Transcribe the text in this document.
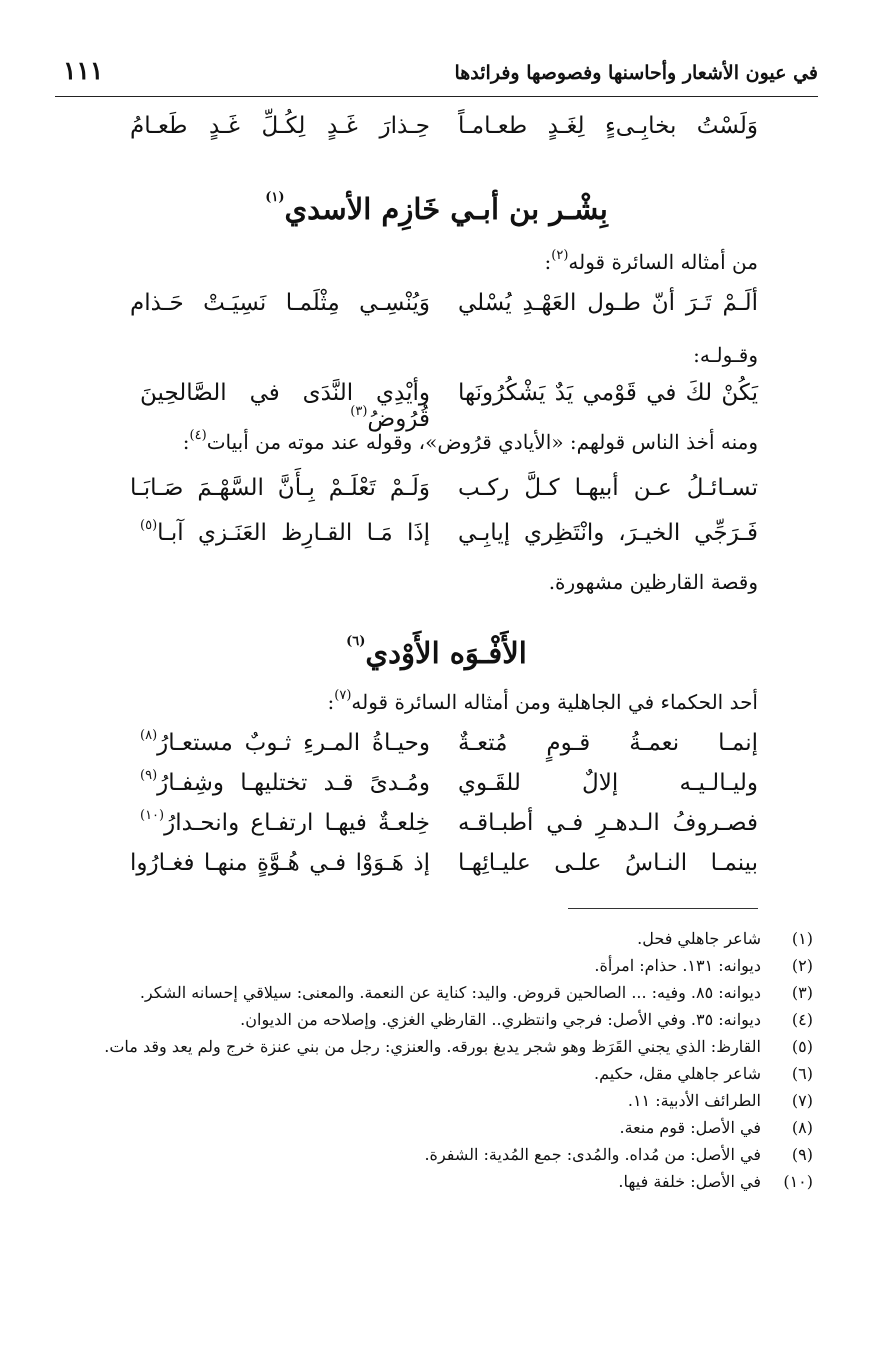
في عيون الأشعار وأحاسنها وفصوصها وفرائدها
١١١
وَلَسْتُ بخابِـىءٍ لِغَـدٍ طعـامـاً
حِـذارَ غَـدٍ لِكُـلِّ غَـدٍ طَعـامُ
بِشْـر بن أبـي خَازِم الأسدي$^{(١)}$
من أمثاله السائرة قوله$^{(٢)}$:
ألَـمْ تَـرَ أنّ طـول العَهْـدِ يُسْلي
وَيُنْسِـي مِثْلَمـا نَسِيَـتْ حَـذام
وقـولـه:
يَكُنْ لكَ في قَوْمي يَدٌ يَشْكُرُونَها
وأيْدِي النَّدَى في الصَّالحِينَ قُرُوضُ$^{(٣)}$
ومنه أخذ الناس قولهم: «الأيادي قرُوض»، وقوله عند موته من أبيات$^{(٤)}$:
تسـائـلُ عـن أبيهـا كـلَّ ركـب
وَلَـمْ تَعْلَـمْ بِـأَنَّ السَّهْـمَ صَـابَـا
فَـرَجِّي الخيـرَ، وانْتَظِري إيابِـي
إذَا مَـا القـارِظ العَنَـزي آبـا$^{(٥)}$
وقصة القارظين مشهورة.
الأَفْـوَه الأَوْدي$^{(٦)}$
أحد الحكماء في الجاهلية ومن أمثاله السائرة قوله$^{(٧)}$:
إنمـا نعمـةُ قـومٍ مُتعـةٌ
وحيـاةُ المـرءِ ثـوبٌ مستعـارُ$^{(٨)}$
وليـالـيـه إلالٌ للقَـوي
ومُـدىً قـد تختليهـا وشِفـارُ$^{(٩)}$
فصـروفُ الـدهـرِ فـي أطبـاقـه
خِلعـةٌ فيهـا ارتفـاع وانحـدارُ$^{(١٠)}$
بينمـا النـاسُ علـى عليـائِهـا
إذ هَـوَوْا فـي هُـوَّةٍ منهـا فغـارُوا
(١)
شاعر جاهلي فحل.
(٢)
ديوانه: ١٣١. حذام: امرأة.
(٣)
ديوانه: ٨٥. وفيه: ... الصالحين قروض. واليد: كناية عن النعمة. والمعنى: سيلاقي إحسانه الشكر.
(٤)
ديوانه: ٣٥. وفي الأصل: فرجي وانتظري.. القارظي الغزي. وإصلاحه من الديوان.
(٥)
القارظ: الذي يجني القَرَظ وهو شجر يدبغ بورقه. والعنزي: رجل من بني عنزة خرج ولم يعد وقد مات.
(٦)
شاعر جاهلي مقل، حكيم.
(٧)
الطرائف الأدبية: ١١.
(٨)
في الأصل: قوم منعة.
(٩)
في الأصل: من مُداه. والمُدى: جمع المُدية: الشفرة.
(١٠)
في الأصل: خلفة فيها.
